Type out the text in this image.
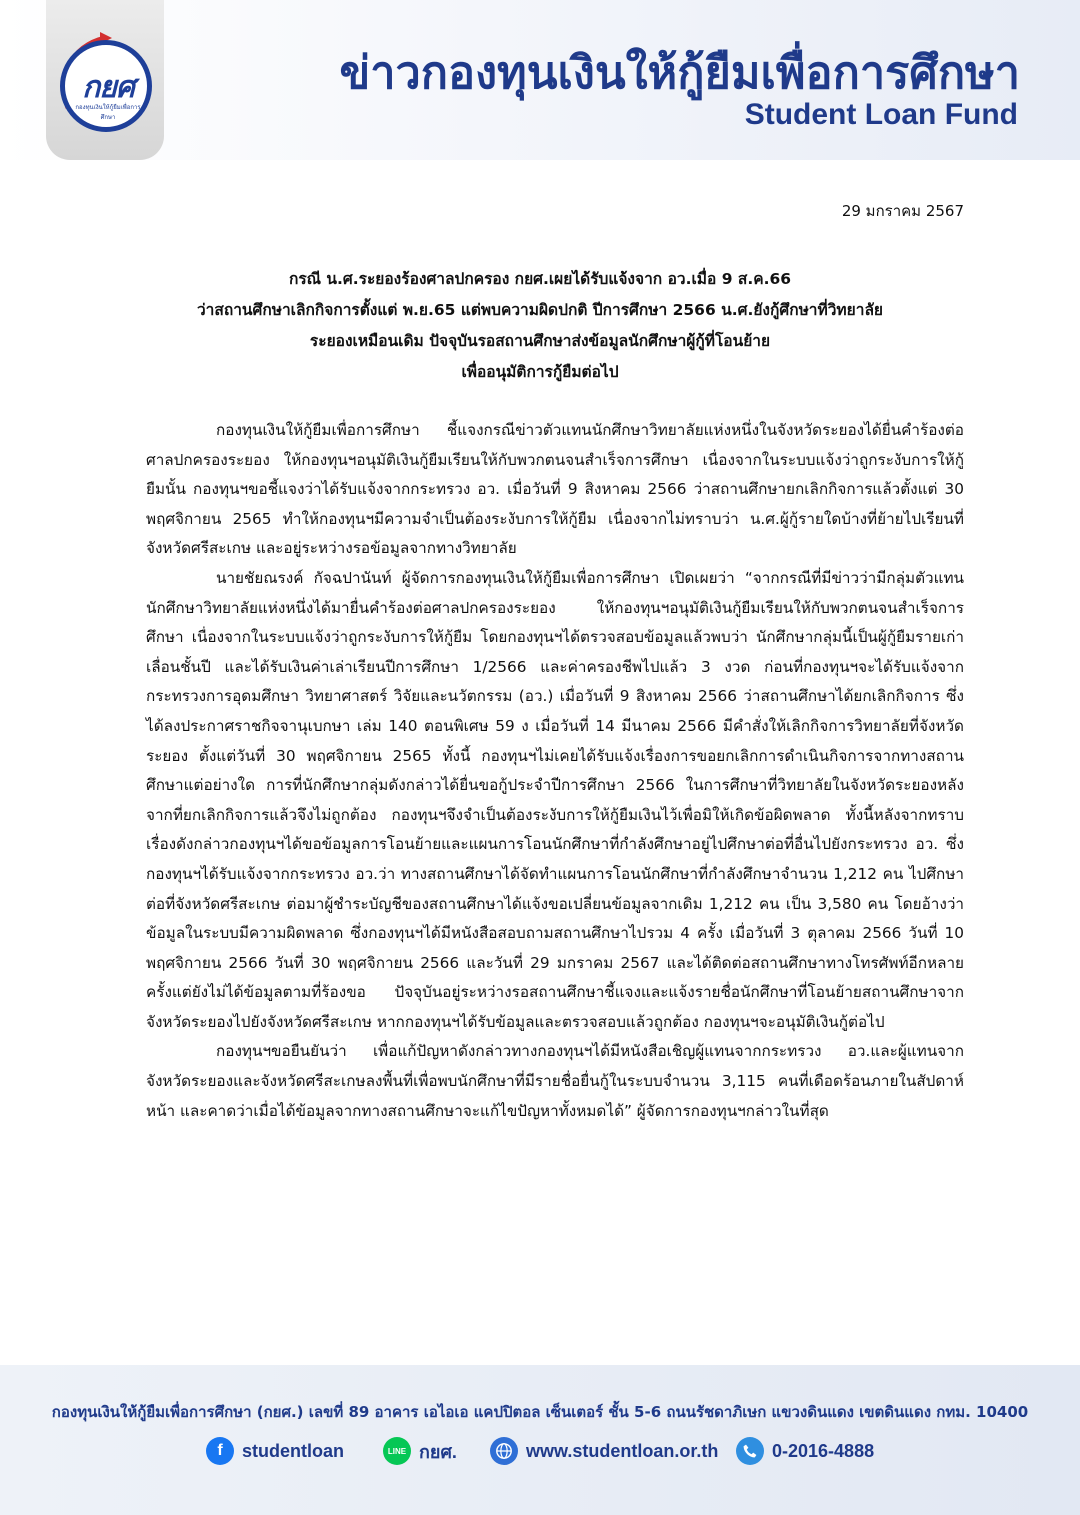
กยศ
กองทุนเงินให้กู้ยืมเพื่อการศึกษา
ข่าวกองทุนเงินให้กู้ยืมเพื่อการศึกษา
Student Loan Fund
29 มกราคม 2567
กรณี น.ศ.ระยองร้องศาลปกครอง กยศ.เผยได้รับแจ้งจาก อว.เมื่อ 9 ส.ค.66
ว่าสถานศึกษาเลิกกิจการตั้งแต่ พ.ย.65 แต่พบความผิดปกติ ปีการศึกษา 2566 น.ศ.ยังกู้ศึกษาที่วิทยาลัย
ระยองเหมือนเดิม ปัจจุบันรอสถานศึกษาส่งข้อมูลนักศึกษาผู้กู้ที่โอนย้าย
เพื่ออนุมัติการกู้ยืมต่อไป

กองทุนเงินให้กู้ยืมเพื่อการศึกษา ชี้แจงกรณีข่าวตัวแทนนักศึกษาวิทยาลัยแห่งหนึ่งในจังหวัดระยองได้ยื่นคำร้องต่อศาลปกครองระยอง ให้กองทุนฯอนุมัติเงินกู้ยืมเรียนให้กับพวกตนจนสำเร็จการศึกษา เนื่องจากในระบบแจ้งว่าถูกระงับการให้กู้ยืมนั้น กองทุนฯขอชี้แจงว่าได้รับแจ้งจากกระทรวง อว. เมื่อวันที่ 9 สิงหาคม 2566 ว่าสถานศึกษายกเลิกกิจการแล้วตั้งแต่ 30 พฤศจิกายน 2565 ทำให้กองทุนฯมีความจำเป็นต้องระงับการให้กู้ยืม เนื่องจากไม่ทราบว่า น.ศ.ผู้กู้รายใดบ้างที่ย้ายไปเรียนที่จังหวัดศรีสะเกษ และอยู่ระหว่างรอข้อมูลจากทางวิทยาลัย

นายชัยณรงค์ กัจฉปานันท์ ผู้จัดการกองทุนเงินให้กู้ยืมเพื่อการศึกษา เปิดเผยว่า “จากกรณีที่มีข่าวว่ามีกลุ่มตัวแทนนักศึกษาวิทยาลัยแห่งหนึ่งได้มายื่นคำร้องต่อศาลปกครองระยอง ให้กองทุนฯอนุมัติเงินกู้ยืมเรียนให้กับพวกตนจนสำเร็จการศึกษา เนื่องจากในระบบแจ้งว่าถูกระงับการให้กู้ยืม โดยกองทุนฯได้ตรวจสอบข้อมูลแล้วพบว่า นักศึกษากลุ่มนี้เป็นผู้กู้ยืมรายเก่าเลื่อนชั้นปี และได้รับเงินค่าเล่าเรียนปีการศึกษา 1/2566 และค่าครองชีพไปแล้ว 3 งวด ก่อนที่กองทุนฯจะได้รับแจ้งจากกระทรวงการอุดมศึกษา วิทยาศาสตร์ วิจัยและนวัตกรรม (อว.) เมื่อวันที่ 9 สิงหาคม 2566 ว่าสถานศึกษาได้ยกเลิกกิจการ ซึ่งได้ลงประกาศราชกิจจานุเบกษา เล่ม 140 ตอนพิเศษ 59 ง เมื่อวันที่ 14 มีนาคม 2566 มีคำสั่งให้เลิกกิจการวิทยาลัยที่จังหวัดระยอง ตั้งแต่วันที่ 30 พฤศจิกายน 2565 ทั้งนี้ กองทุนฯไม่เคยได้รับแจ้งเรื่องการขอยกเลิกการดำเนินกิจการจากทางสถานศึกษาแต่อย่างใด การที่นักศึกษากลุ่มดังกล่าวได้ยื่นขอกู้ประจำปีการศึกษา 2566 ในการศึกษาที่วิทยาลัยในจังหวัดระยองหลังจากที่ยกเลิกกิจการแล้วจึงไม่ถูกต้อง กองทุนฯจึงจำเป็นต้องระงับการให้กู้ยืมเงินไว้เพื่อมิให้เกิดข้อผิดพลาด ทั้งนี้หลังจากทราบเรื่องดังกล่าวกองทุนฯได้ขอข้อมูลการโอนย้ายและแผนการโอนนักศึกษาที่กำลังศึกษาอยู่ไปศึกษาต่อที่อื่นไปยังกระทรวง อว. ซึ่งกองทุนฯได้รับแจ้งจากกระทรวง อว.ว่า ทางสถานศึกษาได้จัดทำแผนการโอนนักศึกษาที่กำลังศึกษาจำนวน 1,212 คน ไปศึกษาต่อที่จังหวัดศรีสะเกษ ต่อมาผู้ชำระบัญชีของสถานศึกษาได้แจ้งขอเปลี่ยนข้อมูลจากเดิม 1,212 คน เป็น 3,580 คน โดยอ้างว่าข้อมูลในระบบมีความผิดพลาด ซึ่งกองทุนฯได้มีหนังสือสอบถามสถานศึกษาไปรวม 4 ครั้ง เมื่อวันที่ 3 ตุลาคม 2566 วันที่ 10 พฤศจิกายน 2566 วันที่ 30 พฤศจิกายน 2566 และวันที่ 29 มกราคม 2567 และได้ติดต่อสถานศึกษาทางโทรศัพท์อีกหลายครั้งแต่ยังไม่ได้ข้อมูลตามที่ร้องขอ ปัจจุบันอยู่ระหว่างรอสถานศึกษาชี้แจงและแจ้งรายชื่อนักศึกษาที่โอนย้ายสถานศึกษาจากจังหวัดระยองไปยังจังหวัดศรีสะเกษ หากกองทุนฯได้รับข้อมูลและตรวจสอบแล้วถูกต้อง กองทุนฯจะอนุมัติเงินกู้ต่อไป

กองทุนฯขอยืนยันว่า เพื่อแก้ปัญหาดังกล่าวทางกองทุนฯได้มีหนังสือเชิญผู้แทนจากกระทรวง อว.และผู้แทนจากจังหวัดระยองและจังหวัดศรีสะเกษลงพื้นที่เพื่อพบนักศึกษาที่มีรายชื่อยื่นกู้ในระบบจำนวน 3,115 คนที่เดือดร้อนภายในสัปดาห์หน้า และคาดว่าเมื่อได้ข้อมูลจากทางสถานศึกษาจะแก้ไขปัญหาทั้งหมดได้” ผู้จัดการกองทุนฯกล่าวในที่สุด

กองทุนเงินให้กู้ยืมเพื่อการศึกษา (กยศ.) เลขที่ 89 อาคาร เอไอเอ แคปปิตอล เซ็นเตอร์ ชั้น 5-6 ถนนรัชดาภิเษก แขวงดินแดง เขตดินแดง กทม. 10400
f	studentloan	LINE กยศ.	www.studentloan.or.th	0-2016-4888
